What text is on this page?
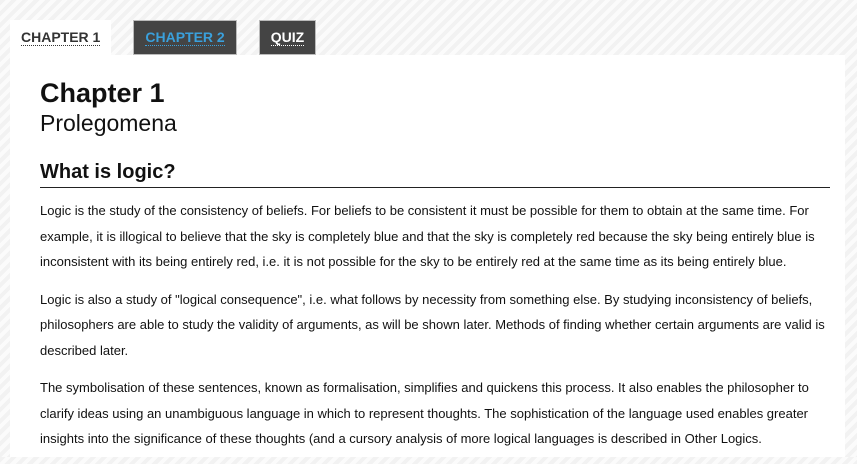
CHAPTER 1	CHAPTER 2	QUIZ
Chapter 1
Prolegomena
What is logic?

Logic is the study of the consistency of beliefs. For beliefs to be consistent it must be possible for them to obtain at the same time. For example, it is illogical to believe that the sky is completely blue and that the sky is completely red because the sky being entirely blue is inconsistent with its being entirely red, i.e. it is not possible for the sky to be entirely red at the same time as its being entirely blue.

Logic is also a study of "logical consequence", i.e. what follows by necessity from something else. By studying inconsistency of beliefs, philosophers are able to study the validity of arguments, as will be shown later. Methods of finding whether certain arguments are valid is described later.

The symbolisation of these sentences, known as formalisation, simplifies and quickens this process. It also enables the philosopher to clarify ideas using an unambiguous language in which to represent thoughts. The sophistication of the language used enables greater insights into the significance of these thoughts (and a cursory analysis of more logical languages is described in Other Logics.
